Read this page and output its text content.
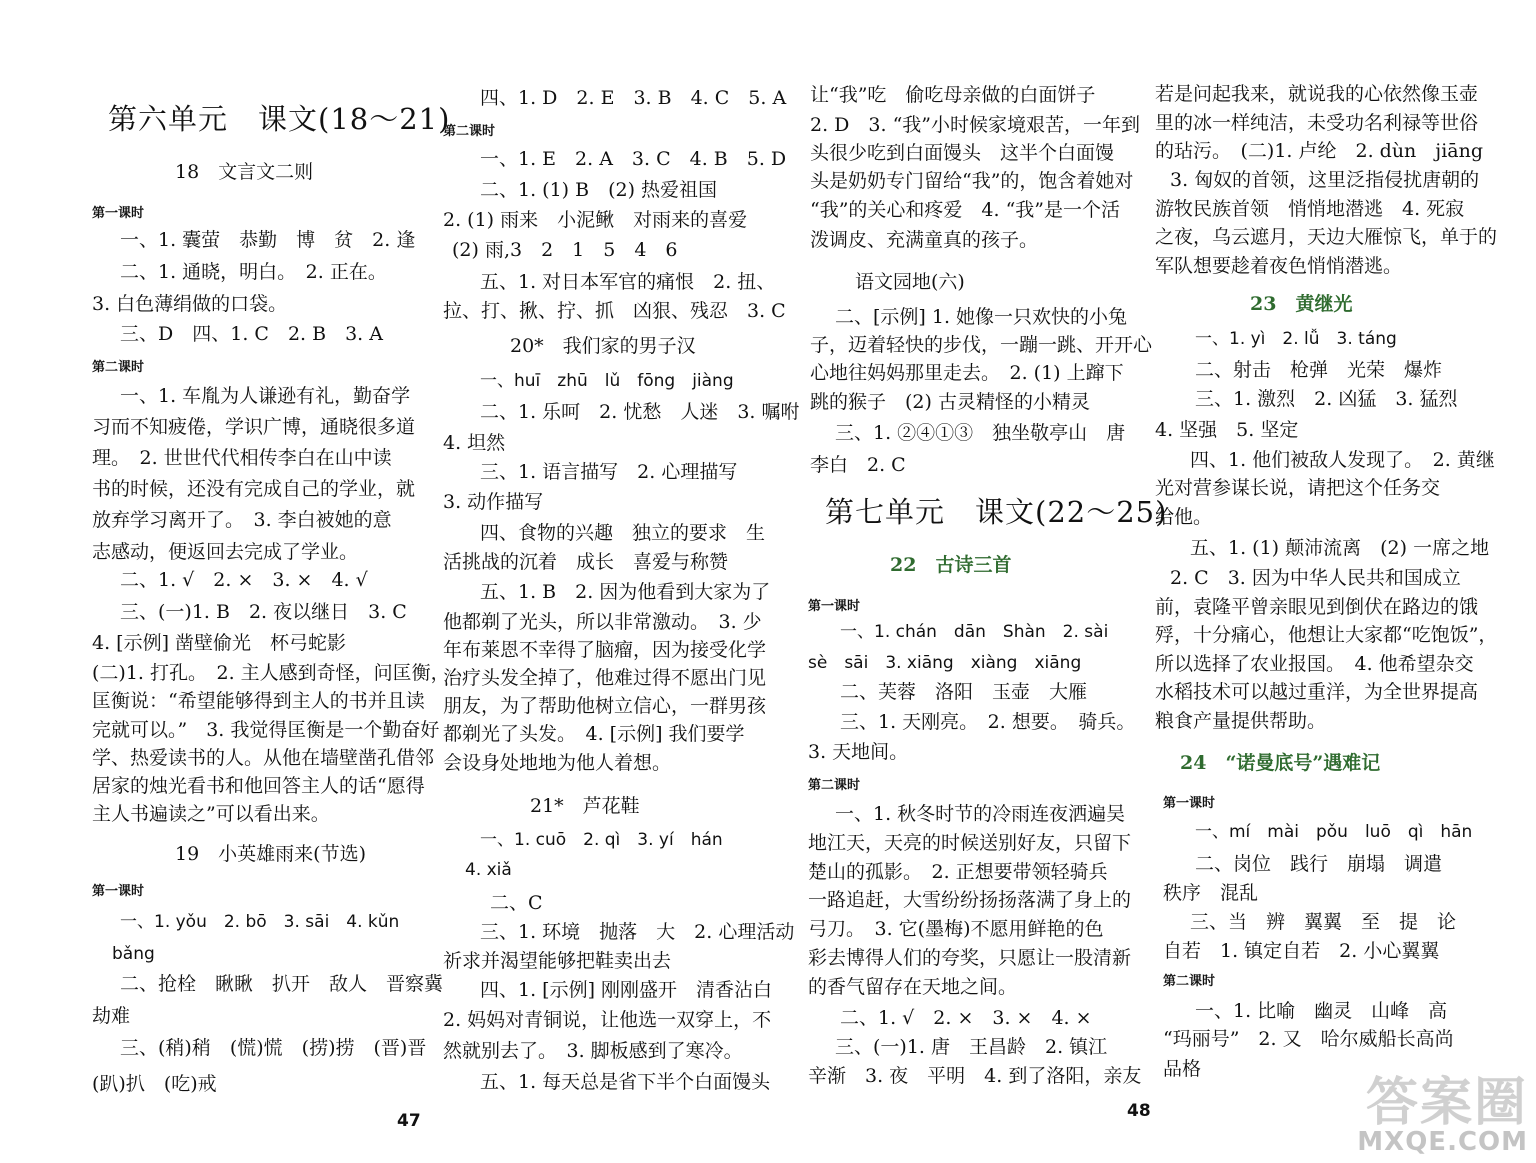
47	48	答案圈
MXQE.COM
第六单元　课文(18～21)
18　文言文二则
第一课时
一、1. 囊萤　恭勤　博　贫　2. 逢
二、1. 通晓，明白。　2. 正在。
3. 白色薄绢做的口袋。
三、D　四、1. C　2. B　3. A
第二课时
一、1. 车胤为人谦逊有礼，勤奋学
习而不知疲倦，学识广博，通晓很多道
理。　2. 世世代代相传李白在山中读
书的时候，还没有完成自己的学业，就
放弃学习离开了。　3. 李白被她的意
志感动，便返回去完成了学业。
二、1. √　2. ×　3. ×　4. √
三、(一)1. B　2. 夜以继日　3. C
4. [示例] 凿壁偷光　杯弓蛇影
(二)1. 打孔。　2. 主人感到奇怪，问匡衡，
匡衡说：“希望能够得到主人的书并且读
完就可以。”　3. 我觉得匡衡是一个勤奋好
学、热爱读书的人。从他在墙壁凿孔借邻
居家的烛光看书和他回答主人的话“愿得
主人书遍读之”可以看出来。
19　小英雄雨来(节选)
第一课时
一、1. yǒu　2. bō　3. sāi　4. kǔn
bǎng
二、抢栓　瞅瞅　扒开　敌人　晋察冀
劫难
三、(稍)稍　(慌)慌　(捞)捞　(晋)晋
(趴)扒　(吃)戒
四、1. D　2. E　3. B　4. C　5. A
第二课时
一、1. E　2. A　3. C　4. B　5. D
二、1. (1) B　(2) 热爱祖国
2. (1) 雨来　小泥鳅　对雨来的喜爱
(2) 雨,3　2　1　5　4　6
五、1. 对日本军官的痛恨　2. 扭、
拉、打、揪、拧、抓　凶狠、残忍　3. C
20*　我们家的男子汉
一、huī　zhū　lǔ　fōng　jiàng
二、1. 乐呵　2. 忧愁　人迷　3. 嘱咐
4. 坦然
三、1. 语言描写　2. 心理描写
3. 动作描写
四、食物的兴趣　独立的要求　生
活挑战的沉着　成长　喜爱与称赞
五、1. B　2. 因为他看到大家为了
他都剃了光头，所以非常激动。　3. 少
年布莱恩不幸得了脑瘤，因为接受化学
治疗头发全掉了，他难过得不愿出门见
朋友，为了帮助他树立信心，一群男孩
都剃光了头发。　4. [示例] 我们要学
会设身处地地为他人着想。
21*　芦花鞋
一、1. cuō　2. qì　3. yí　hán
4. xiǎ
二、C
三、1. 环境　抛落　大　2. 心理活动
祈求并渴望能够把鞋卖出去
四、1. [示例] 刚刚盛开　清香沾白
2. 妈妈对青铜说，让他选一双穿上，不
然就别去了。　3. 脚板感到了寒冷。
五、1. 每天总是省下半个白面馒头
让“我”吃　偷吃母亲做的白面饼子
2. D　3. “我”小时候家境艰苦，一年到
头很少吃到白面馒头　这半个白面馒
头是奶奶专门留给“我”的，饱含着她对
“我”的关心和疼爱　4. “我”是一个活
泼调皮、充满童真的孩子。
语文园地(六)
二、[示例] 1. 她像一只欢快的小兔
子，迈着轻快的步伐，一蹦一跳、开开心
心地往妈妈那里走去。　2. (1) 上蹿下
跳的猴子　(2) 古灵精怪的小精灵
三、1. ②④①③　独坐敬亭山　唐
李白　2. C
第七单元　课文(22～25)
22　古诗三首
第一课时
一、1. chán　dān　Shàn　2. sài
sè　sāi　3. xiāng　xiàng　xiāng
二、芙蓉　洛阳　玉壶　大雁
三、1. 天刚亮。　2. 想要。　骑兵。
3. 天地间。
第二课时
一、1. 秋冬时节的冷雨连夜洒遍吴
地江天，天亮的时候送别好友，只留下
楚山的孤影。　2. 正想要带领轻骑兵
一路追赶，大雪纷纷扬扬落满了身上的
弓刀。　3. 它(墨梅)不愿用鲜艳的色
彩去博得人们的夸奖，只愿让一股清新
的香气留存在天地之间。
二、1. √　2. ×　3. ×　4. ×
三、(一)1. 唐　王昌龄　2. 镇江
辛渐　3. 夜　平明　4. 到了洛阳，亲友
若是问起我来，就说我的心依然像玉壶
里的冰一样纯洁，未受功名利禄等世俗
的玷污。　(二)1. 卢纶　2. dùn　jiāng
3. 匈奴的首领，这里泛指侵扰唐朝的
游牧民族首领　悄悄地潜逃　4. 死寂
之夜，乌云遮月，天边大雁惊飞，单于的
军队想要趁着夜色悄悄潜逃。
23　黄继光
一、1. yì　2. lǚ　3. táng
二、射击　枪弹　光荣　爆炸
三、1. 激烈　2. 凶猛　3. 猛烈
4. 坚强　5. 坚定
四、1. 他们被敌人发现了。　2. 黄继
光对营参谋长说，请把这个任务交
给他。
五、1. (1) 颠沛流离　(2) 一席之地
2. C　3. 因为中华人民共和国成立
前，袁隆平曾亲眼见到倒伏在路边的饿
殍，十分痛心，他想让大家都“吃饱饭”，
所以选择了农业报国。　4. 他希望杂交
水稻技术可以越过重洋，为全世界提高
粮食产量提供帮助。
24　“诺曼底号”遇难记
第一课时
一、mí　mài　pǒu　luō　qì　hān
二、岗位　践行　崩塌　调遣
秩序　混乱
三、当　辨　翼翼　至　提　论
自若　1. 镇定自若　2. 小心翼翼
第二课时
一、1. 比喻　幽灵　山峰　高
“玛丽号”　2. 又　哈尔威船长高尚
品格
